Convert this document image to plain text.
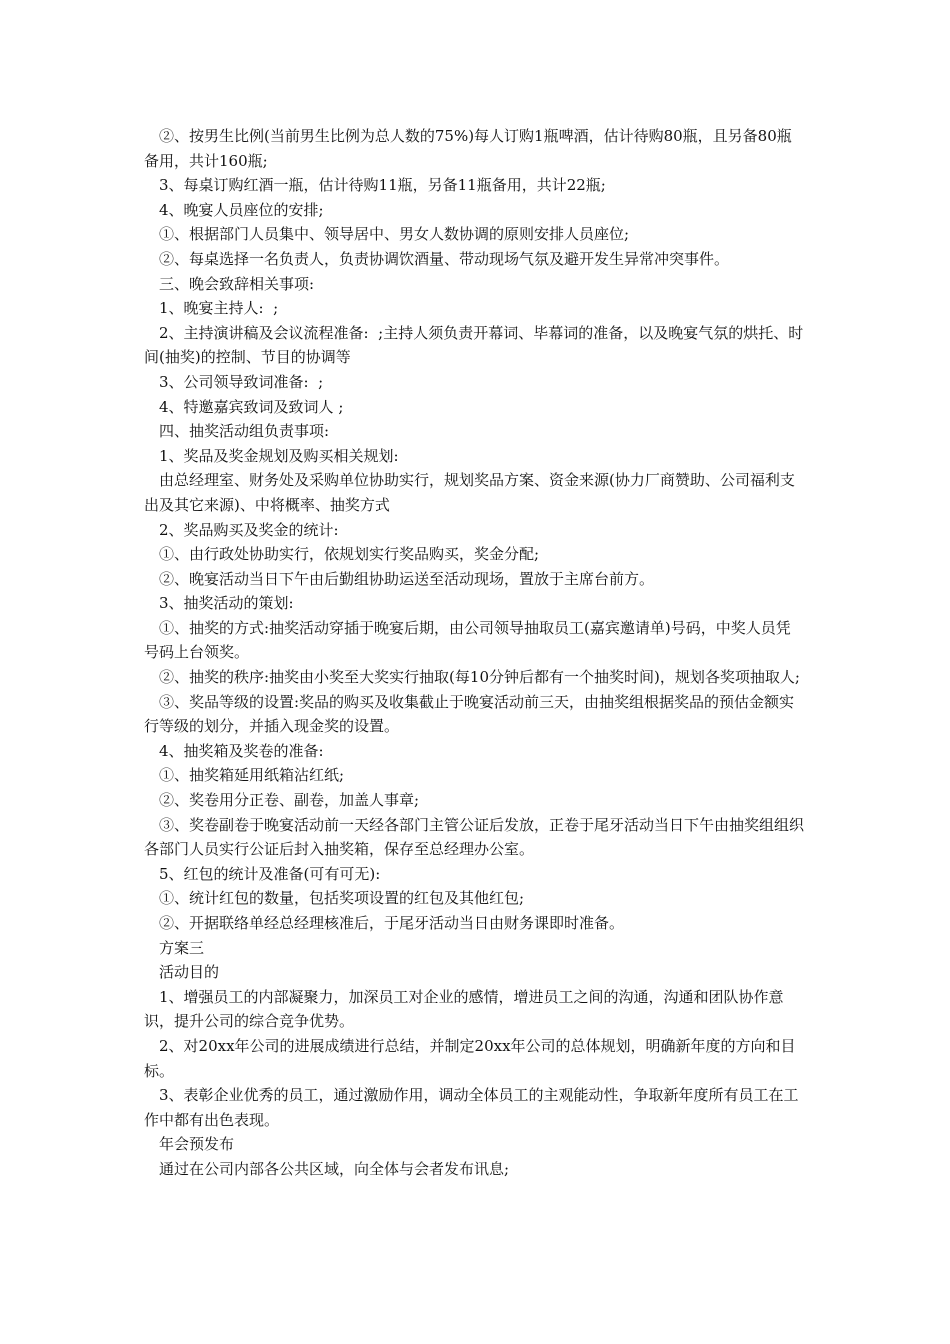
②、按男生比例(当前男生比例为总人数的75%)每人订购1瓶啤酒，估计待购80瓶，且另备80瓶备用，共计160瓶;

3、每桌订购红酒一瓶，估计待购11瓶，另备11瓶备用，共计22瓶;

4、晚宴人员座位的安排;

①、根据部门人员集中、领导居中、男女人数协调的原则安排人员座位;

②、每桌选择一名负责人，负责协调饮酒量、带动现场气氛及避开发生异常冲突事件。

三、晚会致辞相关事项:

1、晚宴主持人:  ;

2、主持演讲稿及会议流程准备:  ;主持人须负责开幕词、毕幕词的准备，以及晚宴气氛的烘托、时间(抽奖)的控制、节目的协调等

3、公司领导致词准备:  ;

4、特邀嘉宾致词及致词人 ;

四、抽奖活动组负责事项:

1、奖品及奖金规划及购买相关规划:

由总经理室、财务处及采购单位协助实行，规划奖品方案、资金来源(协力厂商赞助、公司福利支出及其它来源)、中将概率、抽奖方式

2、奖品购买及奖金的统计:

①、由行政处协助实行，依规划实行奖品购买，奖金分配;

②、晚宴活动当日下午由后勤组协助运送至活动现场，置放于主席台前方。

3、抽奖活动的策划:

①、抽奖的方式:抽奖活动穿插于晚宴后期，由公司领导抽取员工(嘉宾邀请单)号码，中奖人员凭号码上台领奖。

②、抽奖的秩序:抽奖由小奖至大奖实行抽取(每10分钟后都有一个抽奖时间)，规划各奖项抽取人;

③、奖品等级的设置:奖品的购买及收集截止于晚宴活动前三天，由抽奖组根据奖品的预估金额实行等级的划分，并插入现金奖的设置。

4、抽奖箱及奖卷的准备:

①、抽奖箱延用纸箱沾红纸;

②、奖卷用分正卷、副卷，加盖人事章;

③、奖卷副卷于晚宴活动前一天经各部门主管公证后发放，正卷于尾牙活动当日下午由抽奖组组织各部门人员实行公证后封入抽奖箱，保存至总经理办公室。

5、红包的统计及准备(可有可无):

①、统计红包的数量，包括奖项设置的红包及其他红包;

②、开据联络单经总经理核准后，于尾牙活动当日由财务课即时准备。

方案三

活动目的

1、增强员工的内部凝聚力，加深员工对企业的感情，增进员工之间的沟通，沟通和团队协作意识，提升公司的综合竞争优势。

2、对20xx年公司的进展成绩进行总结，并制定20xx年公司的总体规划，明确新年度的方向和目标。

3、表彰企业优秀的员工，通过激励作用，调动全体员工的主观能动性，争取新年度所有员工在工作中都有出色表现。

年会预发布

通过在公司内部各公共区域，向全体与会者发布讯息;
